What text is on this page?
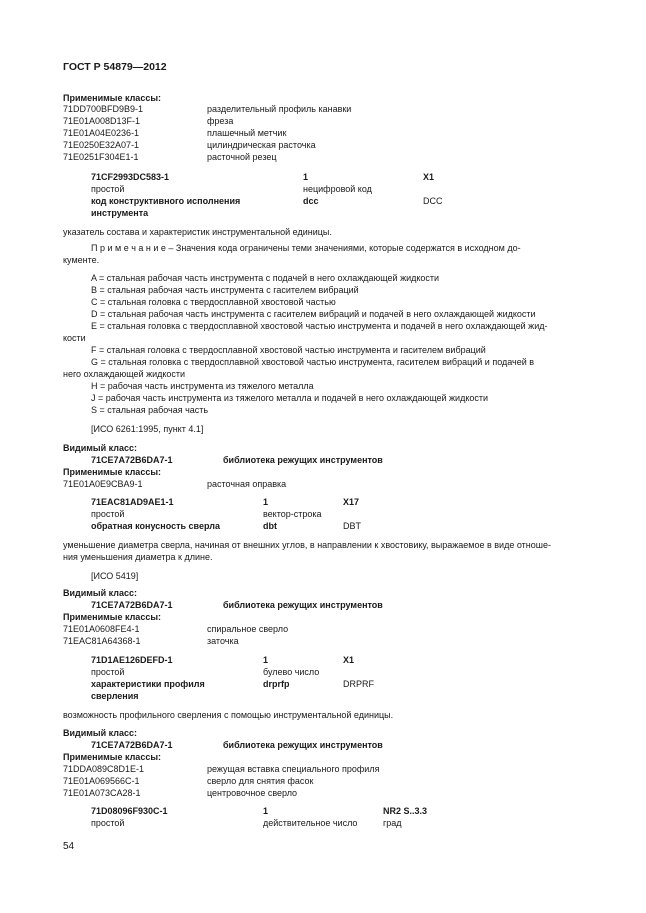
ГОСТ Р 54879—2012
Применимые классы:
71DD700BFD9B9-1	разделительный профиль канавки
71E01A008D13F-1	фреза
71E01A04E0236-1	плашечный метчик
71E0250E32A07-1	цилиндрическая расточка
71E0251F304E1-1	расточной резец
71CF2993DC583-1	1	X1
простой	нецифровой код
код конструктивного исполнения	dcc	DCC
инструмента
указатель состава и характеристик инструментальной единицы.
П р и м е ч а н и е – Значения кода ограничены теми значениями, которые содержатся в исходном до-
кументе.
A = стальная рабочая часть инструмента с подачей в него охлаждающей жидкости
B = стальная рабочая часть инструмента с гасителем вибраций
C = стальная головка с твердосплавной хвостовой частью
D = стальная рабочая часть инструмента с гасителем вибраций и подачей в него охлаждающей жидкости
E = стальная головка с твердосплавной хвостовой частью инструмента и подачей в него охлаждающей жид-
кости
F = стальная головка с твердосплавной хвостовой частью инструмента и гасителем вибраций
G = стальная головка с твердосплавной хвостовой частью инструмента, гасителем вибраций и подачей в
него охлаждающей жидкости
H = рабочая часть инструмента из тяжелого металла
J = рабочая часть инструмента из тяжелого металла и подачей в него охлаждающей жидкости
S = стальная рабочая часть
[ИСО 6261:1995, пункт 4.1]
Видимый класс:
71CE7A72B6DA7-1	библиотека режущих инструментов
Применимые классы:
71E01A0E9CBA9-1	расточная оправка
71EAC81AD9AE1-1	1	X17
простой	вектор-строка
обратная конусность сверла	dbt	DBT
уменьшение диаметра сверла, начиная от внешних углов, в направлении к хвостовику, выражаемое в виде отноше-
ния уменьшения диаметра к длине.
[ИСО 5419]
Видимый класс:
71CE7A72B6DA7-1	библиотека режущих инструментов
Применимые классы:
71E01A0608FE4-1	спиральное сверло
71EAC81A64368-1	заточка
71D1AE126DEFD-1	1	X1
простой	булево число
характеристики профиля	drprfp	DRPRF
сверления
возможность профильного сверления с помощью инструментальной единицы.
Видимый класс:
71CE7A72B6DA7-1	библиотека режущих инструментов
Применимые классы:
71DDA089C8D1E-1	режущая вставка специального профиля
71E01A069566C-1	сверло для снятия фасок
71E01A073CA28-1	центровочное сверло
71D08096F930C-1	1	NR2 S..3.3
простой	действительное число	град
54
